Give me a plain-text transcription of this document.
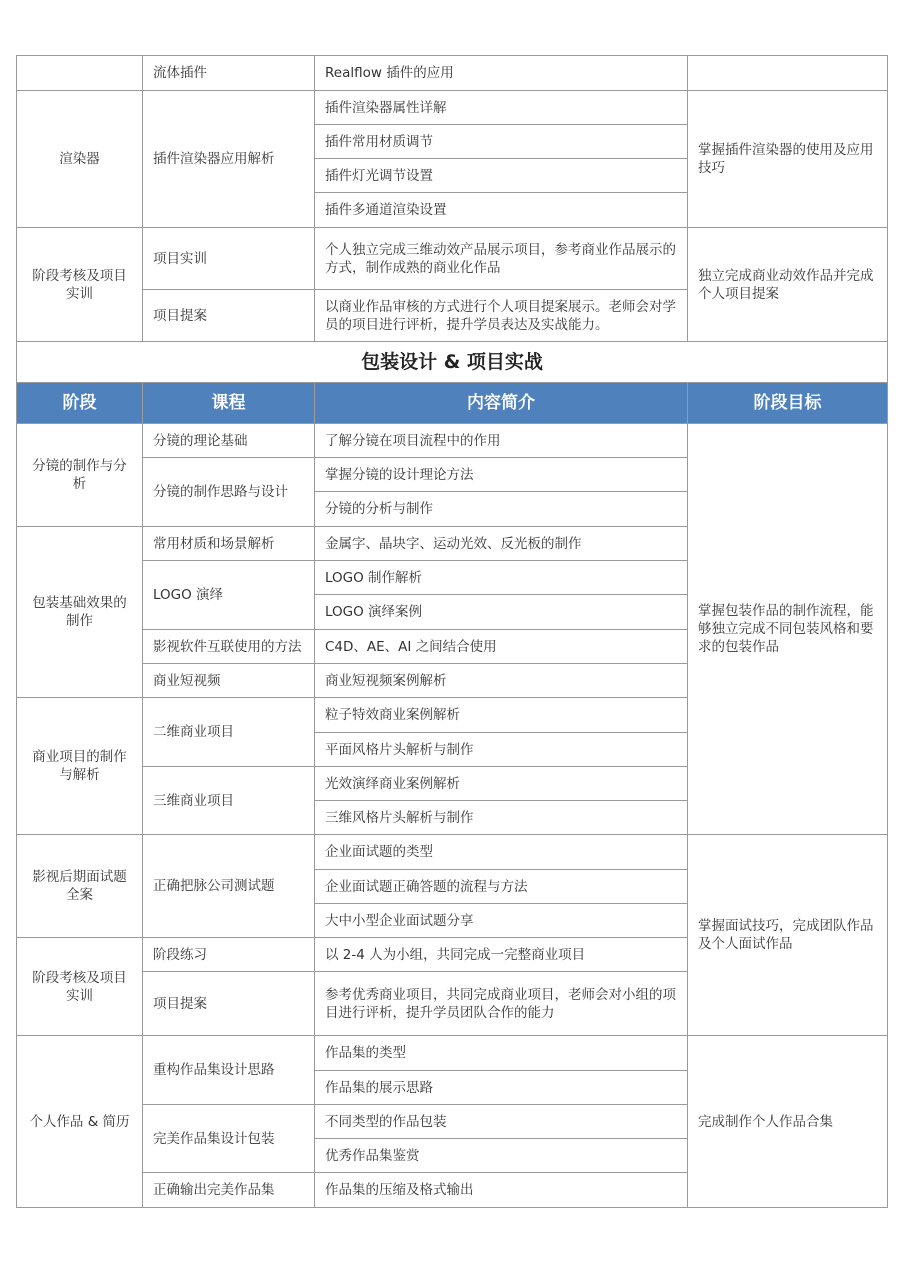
	流体插件	Realflow 插件的应用	
渲染器	插件渲染器应用解析	插件渲染器属性详解	掌握插件渲染器的使用及应用技巧
		插件常用材质调节	
		插件灯光调节设置	
		插件多通道渲染设置	
阶段考核及项目实训	项目实训	个人独立完成三维动效产品展示项目，参考商业作品展示的方式，制作成熟的商业化作品	独立完成商业动效作品并完成个人项目提案
	项目提案	以商业作品审核的方式进行个人项目提案展示。老师会对学员的项目进行评析，提升学员表达及实战能力。	
包装设计 & 项目实战			
阶段	课程	内容简介	阶段目标
分镜的制作与分析	分镜的理论基础	了解分镜在项目流程中的作用	掌握包装作品的制作流程，能够独立完成不同包装风格和要求的包装作品
	分镜的制作思路与设计	掌握分镜的设计理论方法	
		分镜的分析与制作	
包装基础效果的制作	常用材质和场景解析	金属字、晶块字、运动光效、反光板的制作	
	LOGO 演绎	LOGO 制作解析	
		LOGO 演绎案例	
	影视软件互联使用的方法	C4D、AE、AI 之间结合使用	
	商业短视频	商业短视频案例解析	
商业项目的制作与解析	二维商业项目	粒子特效商业案例解析	
		平面风格片头解析与制作	
	三维商业项目	光效演绎商业案例解析	
		三维风格片头解析与制作	
影视后期面试题全案	正确把脉公司测试题	企业面试题的类型	掌握面试技巧，完成团队作品及个人面试作品
		企业面试题正确答题的流程与方法	
		大中小型企业面试题分享	
阶段考核及项目实训	阶段练习	以 2-4 人为小组，共同完成一完整商业项目	
	项目提案	参考优秀商业项目，共同完成商业项目，老师会对小组的项目进行评析，提升学员团队合作的能力	
个人作品 & 简历	重构作品集设计思路	作品集的类型	完成制作个人作品合集
		作品集的展示思路	
	完美作品集设计包装	不同类型的作品包装	
		优秀作品集鉴赏	
	正确输出完美作品集	作品集的压缩及格式输出	
